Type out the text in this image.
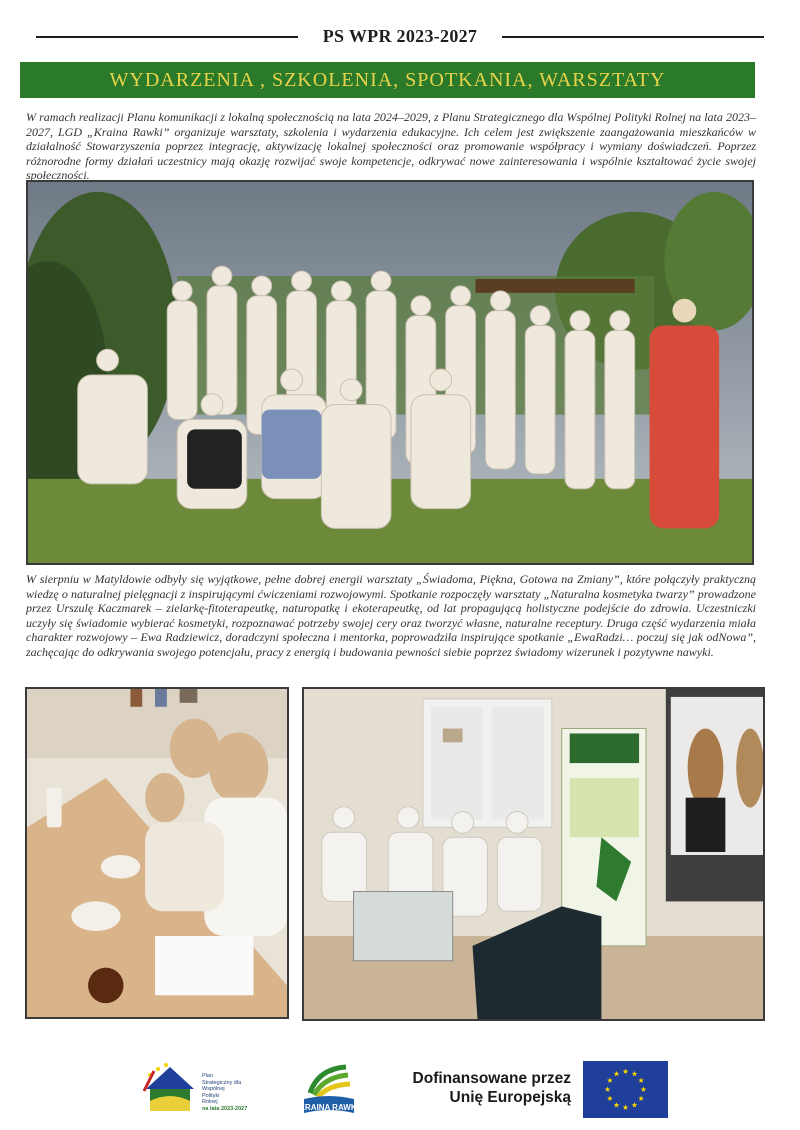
PS WPR 2023-2027
WYDARZENIA , SZKOLENIA, SPOTKANIA, WARSZTATY

W ramach realizacji Planu komunikacji z lokalną społecznością na lata 2024–2029, z Planu Strategicznego dla Wspólnej Polityki Rolnej na lata 2023–2027, LGD „Kraina Rawki” organizuje warsztaty, szkolenia i wydarzenia edukacyjne. Ich celem jest zwiększenie zaangażowania mieszkańców w działalność Stowarzyszenia poprzez integrację, aktywizację lokalnej społeczności oraz promowanie współpracy i wymiany doświadczeń. Poprzez różnorodne formy działań uczestnicy mają okazję rozwijać swoje kompetencje, odkrywać nowe zainteresowania i wspólnie kształtować życie swojej społeczności.

W sierpniu w Matyldowie odbyły się wyjątkowe, pełne dobrej energii warsztaty „Świadoma, Piękna, Gotowa na Zmiany”, które połączyły praktyczną wiedzę o naturalnej pielęgnacji z inspirującymi ćwiczeniami rozwojowymi. Spotkanie rozpoczęły warsztaty „Naturalna kosmetyka twarzy” prowadzone przez Urszulę Kaczmarek – zielarkę-fitoterapeutkę, naturopatkę i ekoterapeutkę, od lat propagującą holistyczne podejście do zdrowia. Uczestniczki uczyły się świadomie wybierać kosmetyki, rozpoznawać potrzeby swojej cery oraz tworzyć własne, naturalne receptury. Druga część wydarzenia miała charakter rozwojowy – Ewa Radziewicz, doradczyni społeczna i mentorka, poprowadziła inspirujące spotkanie „EwaRadzi… poczuj się jak odNowa”, zachęcając do odkrywania swojego potencjału, pracy z energią i budowania pewności siebie poprzez świadomy wizerunek i pozytywne nawyki.

Plan
Strategiczny dla
Wspólnej
Polityki
Rolnej
na lata 2023-2027	KRAINA RAWKI
Dofinansowane przez
Unię Europejską
